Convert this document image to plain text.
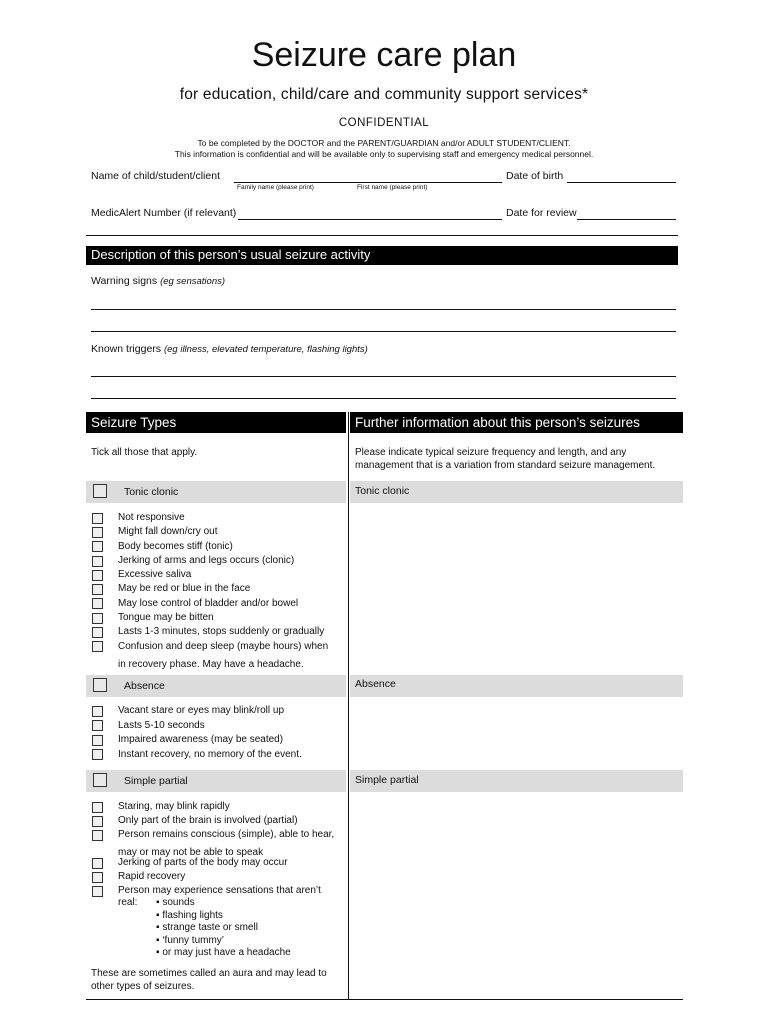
Seizure care plan
for education, child/care and community support services*
CONFIDENTIAL
To be completed by the DOCTOR and the PARENT/GUARDIAN and/or ADULT STUDENT/CLIENT.
This information is confidential and will be available only to supervising staff and emergency medical personnel.
Name of child/student/client
Family name (please print)	First name (please print)
Date of birth
MedicAlert Number (if relevant)	Date for review
Description of this person’s usual seizure activity
Warning signs (eg sensations)
Known triggers (eg illness, elevated temperature, flashing lights)
Seizure Types	Further information about this person’s seizures
Tick all those that apply.	Please indicate typical seizure frequency and length, and any
management that is a variation from standard seizure management.
Tonic clonic	Tonic clonic
Not responsive
Might fall down/cry out
Body becomes stiff (tonic)
Jerking of arms and legs occurs (clonic)
Excessive saliva
May be red or blue in the face
May lose control of bladder and/or bowel
Tongue may be bitten
Lasts 1-3 minutes, stops suddenly or gradually
Confusion and deep sleep (maybe hours) when
in recovery phase. May have a headache.
Absence	Absence
Vacant stare or eyes may blink/roll up
Lasts 5-10 seconds
Impaired awareness (may be seated)
Instant recovery, no memory of the event.
Simple partial	Simple partial
Staring, may blink rapidly
Only part of the brain is involved (partial)
Person remains conscious (simple), able to hear,
may or may not be able to speak
Jerking of parts of the body may occur
Rapid recovery
Person may experience sensations that aren’t
real:	▪ sounds
▪ flashing lights
▪ strange taste or smell
▪ ‘funny tummy’
▪ or may just have a headache
These are sometimes called an aura and may lead to
other types of seizures.
